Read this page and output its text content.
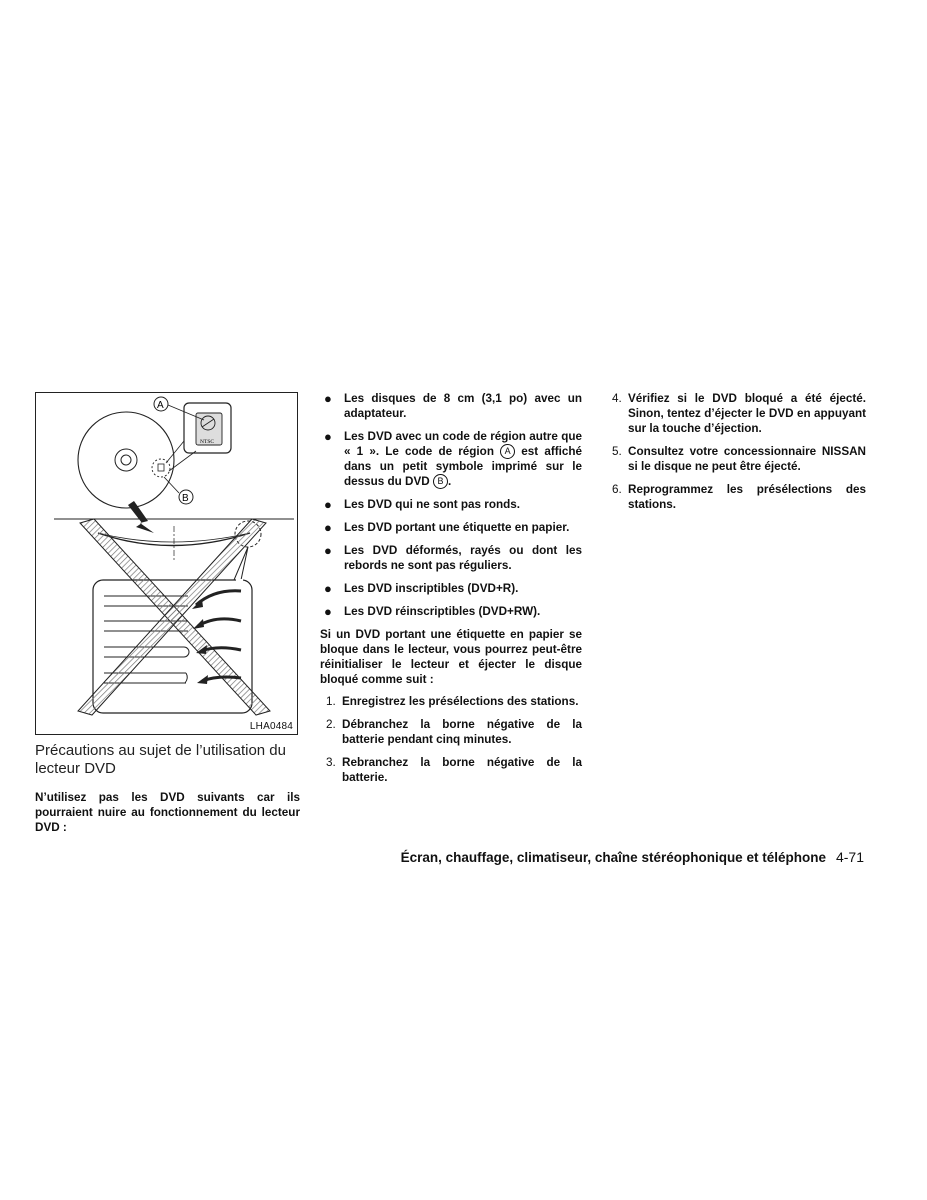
NTSC
A
B
LHA0484
Précautions au sujet de l’utilisation du lecteur DVD
N’utilisez pas les DVD suivants car ils pourraient nuire au fonctionnement du lecteur DVD :
● Les disques de 8 cm (3,1 po) avec un adaptateur.
● Les DVD avec un code de région autre que « 1 ». Le code de région A est affiché dans un petit symbole imprimé sur le dessus du DVD B .
● Les DVD qui ne sont pas ronds.
● Les DVD portant une étiquette en papier.
● Les DVD déformés, rayés ou dont les rebords ne sont pas réguliers.
● Les DVD inscriptibles (DVD+R).
● Les DVD réinscriptibles (DVD+RW).
Si un DVD portant une étiquette en papier se bloque dans le lecteur, vous pourrez peut-être réinitialiser le lecteur et éjecter le disque bloqué comme suit :
1. Enregistrez les présélections des stations.
2. Débranchez la borne négative de la batterie pendant cinq minutes.
3. Rebranchez la borne négative de la batterie.
4. Vérifiez si le DVD bloqué a été éjecté. Sinon, tentez d’éjecter le DVD en appuyant sur la touche d’éjection.
5. Consultez votre concessionnaire NISSAN si le disque ne peut être éjecté.
6. Reprogrammez les présélections des stations.
Écran, chauffage, climatiseur, chaîne stéréophonique et téléphone 4-71
